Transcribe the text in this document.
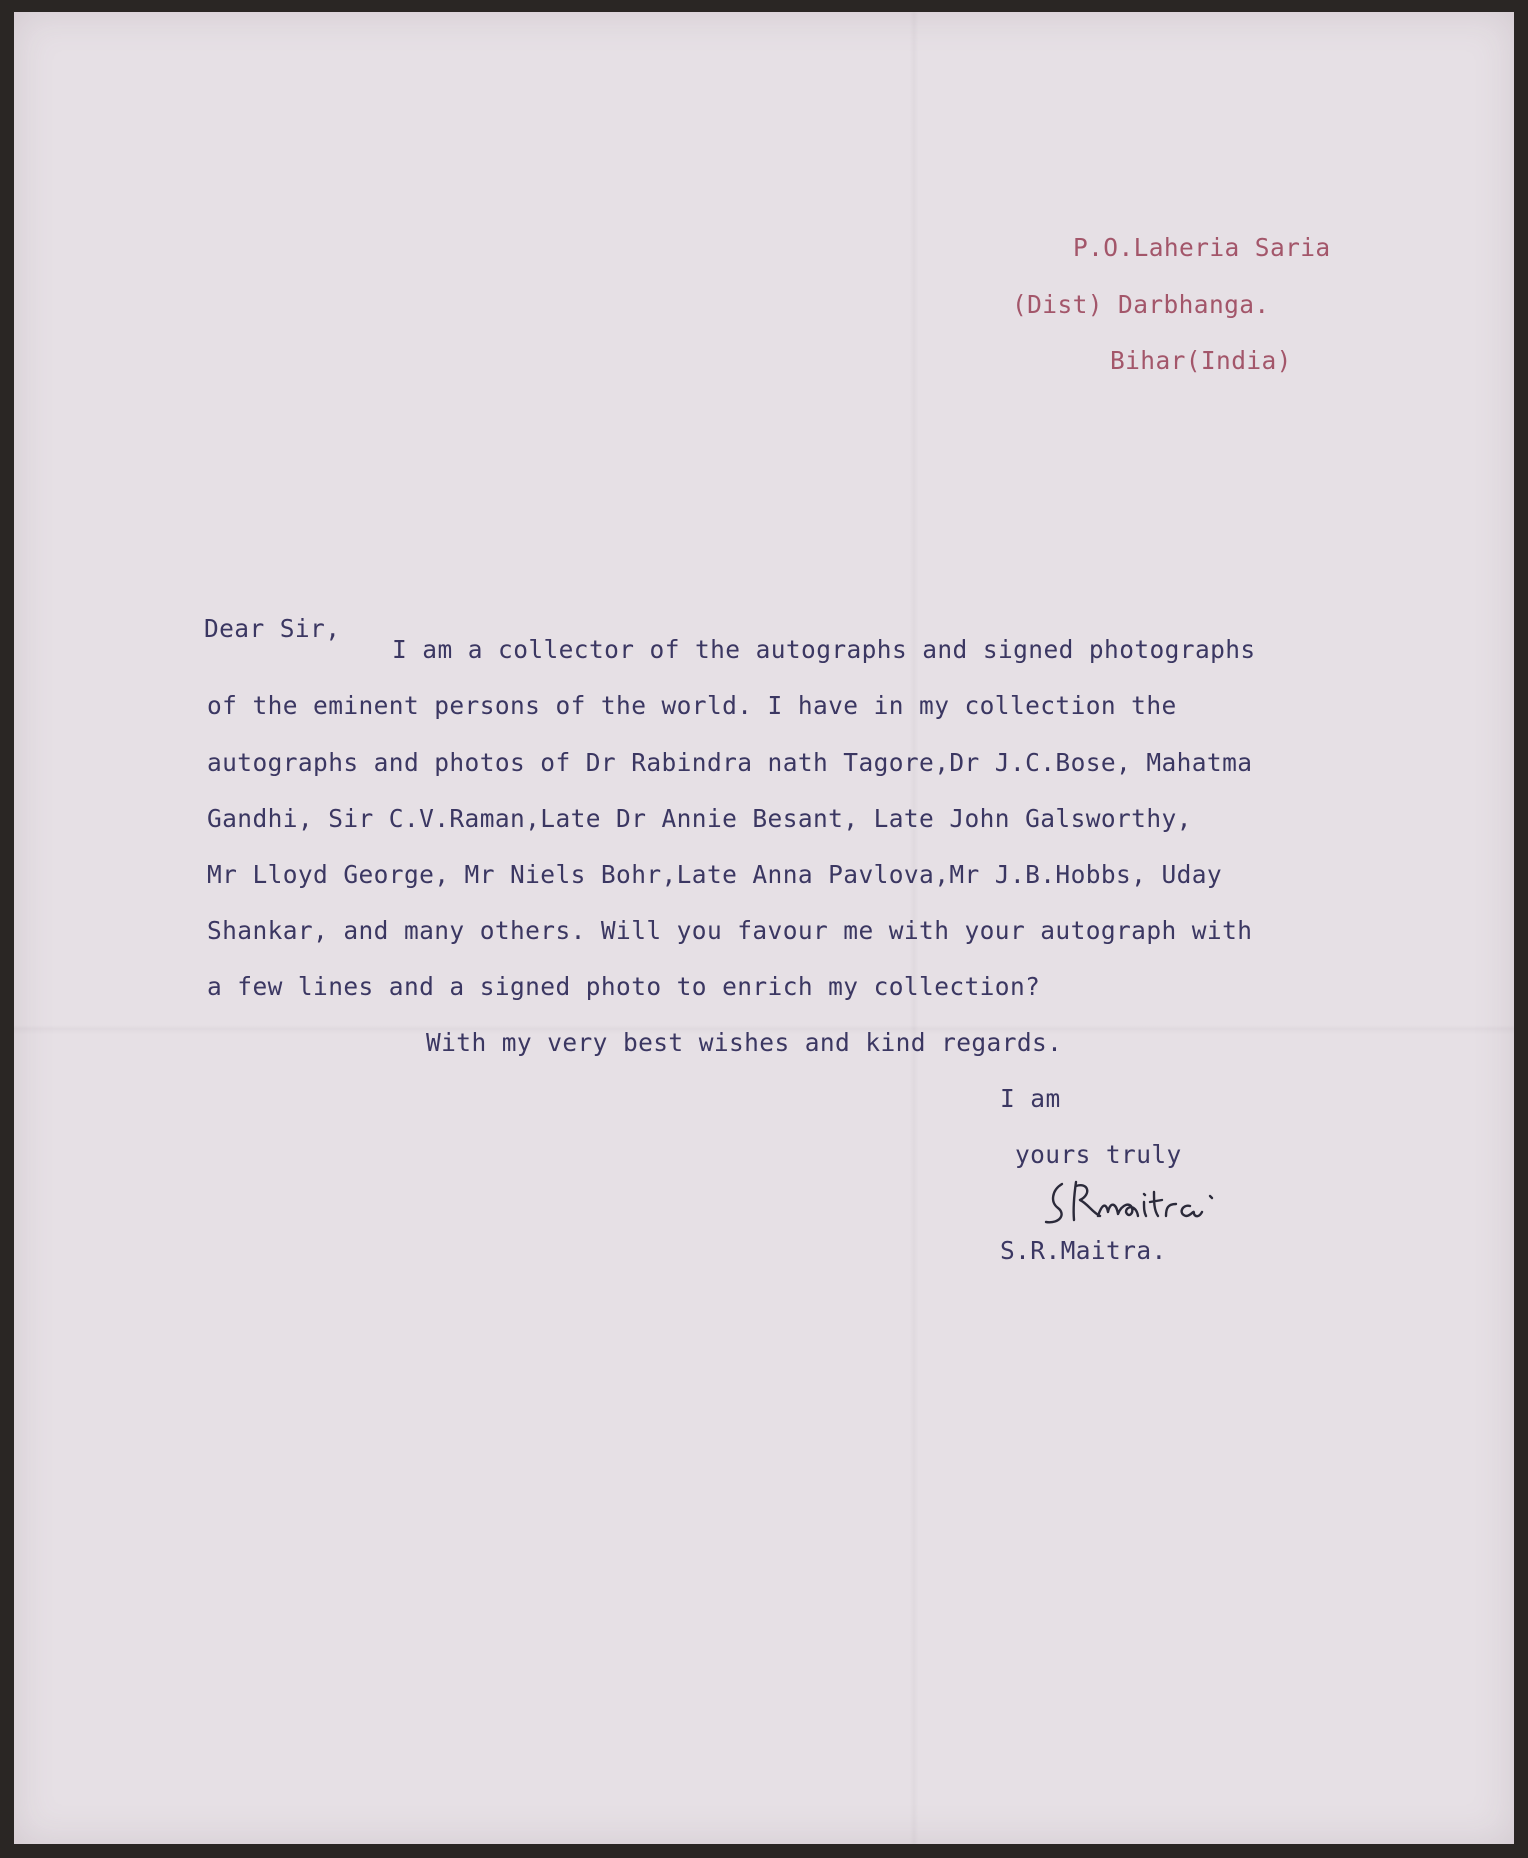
P.O.Laheria Saria

(Dist) Darbhanga.

Bihar(India)

Dear Sir,

I am a collector of the autographs and signed photographs

of the eminent persons of the world. I have in my collection the

autographs and photos of Dr Rabindra nath Tagore,Dr J.C.Bose, Mahatma

Gandhi, Sir C.V.Raman,Late Dr Annie Besant, Late John Galsworthy,

Mr Lloyd George, Mr Niels Bohr,Late Anna Pavlova,Mr J.B.Hobbs, Uday

Shankar, and many others. Will you favour me with your autograph with

a few lines and a signed photo to enrich my collection?

With my very best wishes and kind regards.

I am

yours truly

S.R.Maitra.
